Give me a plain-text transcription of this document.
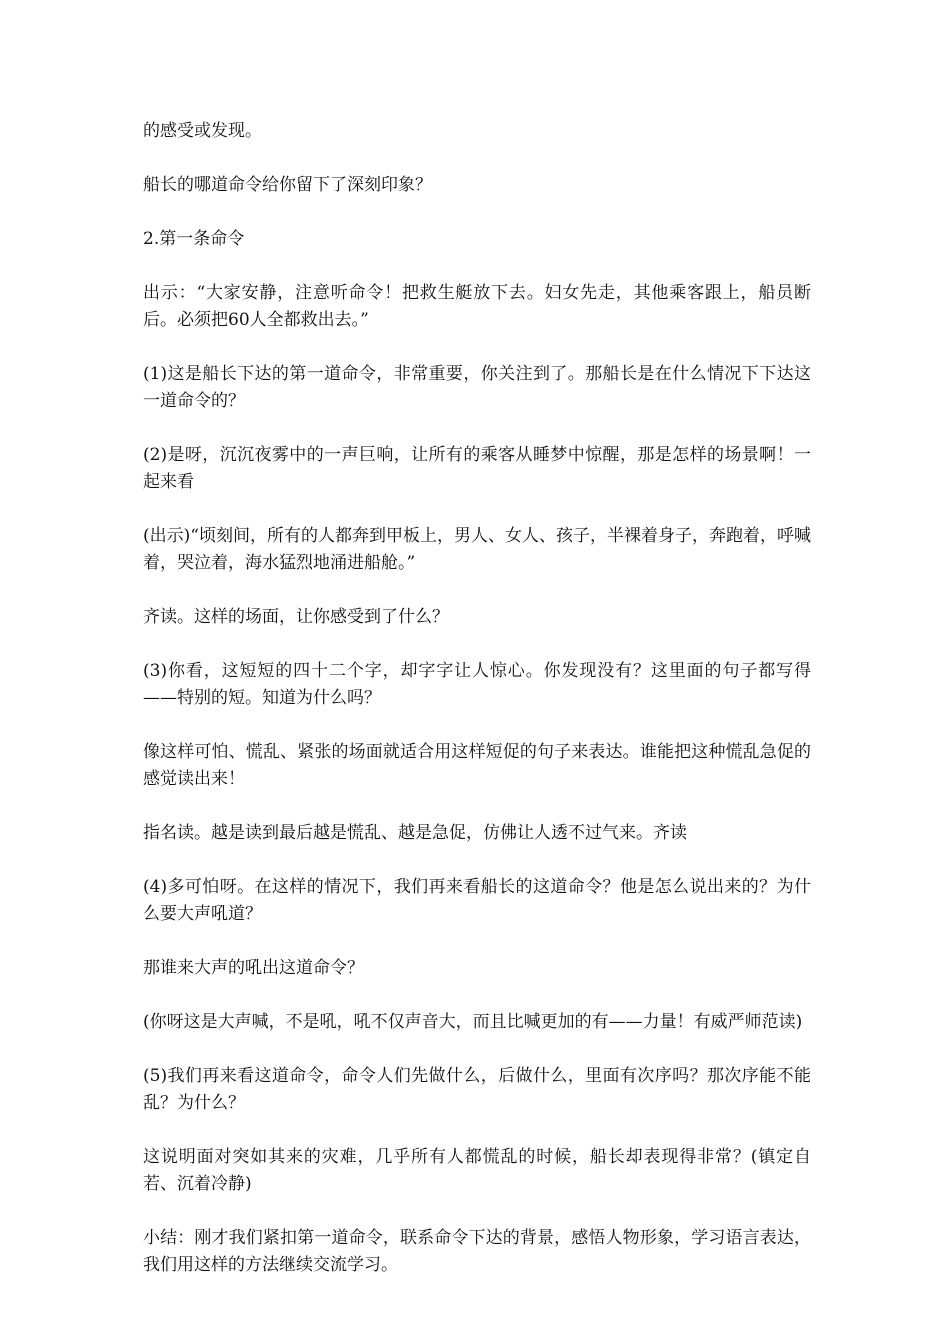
的感受或发现。

船长的哪道命令给你留下了深刻印象？

2.第一条命令

出示：“大家安静，注意听命令！把救生艇放下去。妇女先走，其他乘客跟上，船员断后。必须把60人全都救出去。”

(1)这是船长下达的第一道命令，非常重要，你关注到了。那船长是在什么情况下下达这一道命令的？

(2)是呀，沉沉夜雾中的一声巨响，让所有的乘客从睡梦中惊醒，那是怎样的场景啊！一起来看

(出示)“顷刻间，所有的人都奔到甲板上，男人、女人、孩子，半裸着身子，奔跑着，呼喊着，哭泣着，海水猛烈地涌进船舱。”

齐读。这样的场面，让你感受到了什么？

(3)你看，这短短的四十二个字，却字字让人惊心。你发现没有？这里面的句子都写得——特别的短。知道为什么吗？

像这样可怕、慌乱、紧张的场面就适合用这样短促的句子来表达。谁能把这种慌乱急促的感觉读出来！

指名读。越是读到最后越是慌乱、越是急促，仿佛让人透不过气来。齐读

(4)多可怕呀。在这样的情况下，我们再来看船长的这道命令？他是怎么说出来的？为什么要大声吼道？

那谁来大声的吼出这道命令？

(你呀这是大声喊，不是吼，吼不仅声音大，而且比喊更加的有——力量！有威严师范读)

(5)我们再来看这道命令，命令人们先做什么，后做什么，里面有次序吗？那次序能不能乱？为什么？

这说明面对突如其来的灾难，几乎所有人都慌乱的时候，船长却表现得非常？(镇定自若、沉着冷静)

小结：刚才我们紧扣第一道命令，联系命令下达的背景，感悟人物形象，学习语言表达，我们用这样的方法继续交流学习。
